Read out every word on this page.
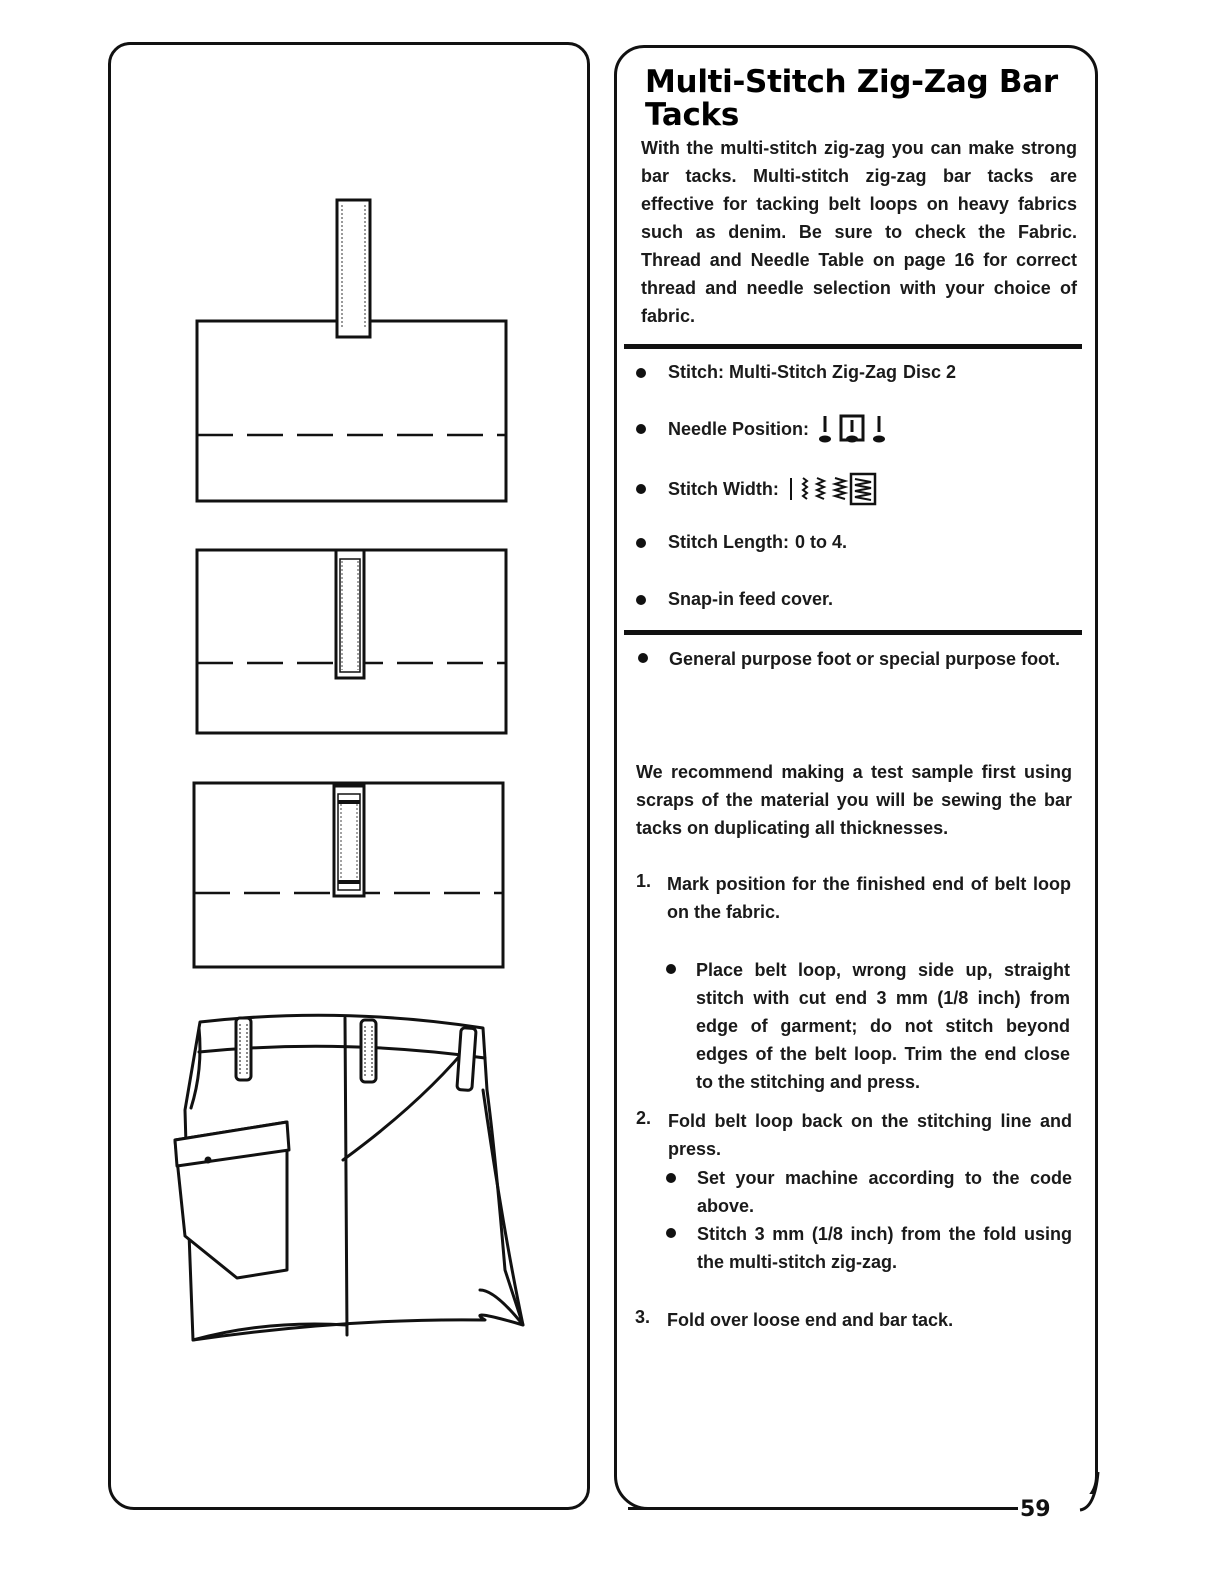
Multi-Stitch Zig-Zag Bar Tacks

With the multi-stitch zig-zag you can make strong bar tacks. Multi-stitch zig-zag bar tacks are effective for tacking belt loops on heavy fabrics such as denim. Be sure to check the Fabric. Thread and Needle Table on page 16 for correct thread and needle selection with your choice of fabric.

Stitch: Multi-Stitch Zig-Zag Disc 2
Needle Position:
Stitch Width:
Stitch Length: 0 to 4.
Snap-in feed cover.

General purpose foot or special purpose foot.

We recommend making a test sample first using scraps of the material you will be sewing the bar tacks on duplicating all thicknesses.

1. Mark position for the finished end of belt loop on the fabric.

Place belt loop, wrong side up, straight stitch with cut end 3 mm (1/8 inch) from edge of garment; do not stitch beyond edges of the belt loop. Trim the end close to the stitching and press.

2. Fold belt loop back on the stitching line and press.

Set your machine according to the code above.

Stitch 3 mm (1/8 inch) from the fold using the multi-stitch zig-zag.

3. Fold over loose end and bar tack.

59
